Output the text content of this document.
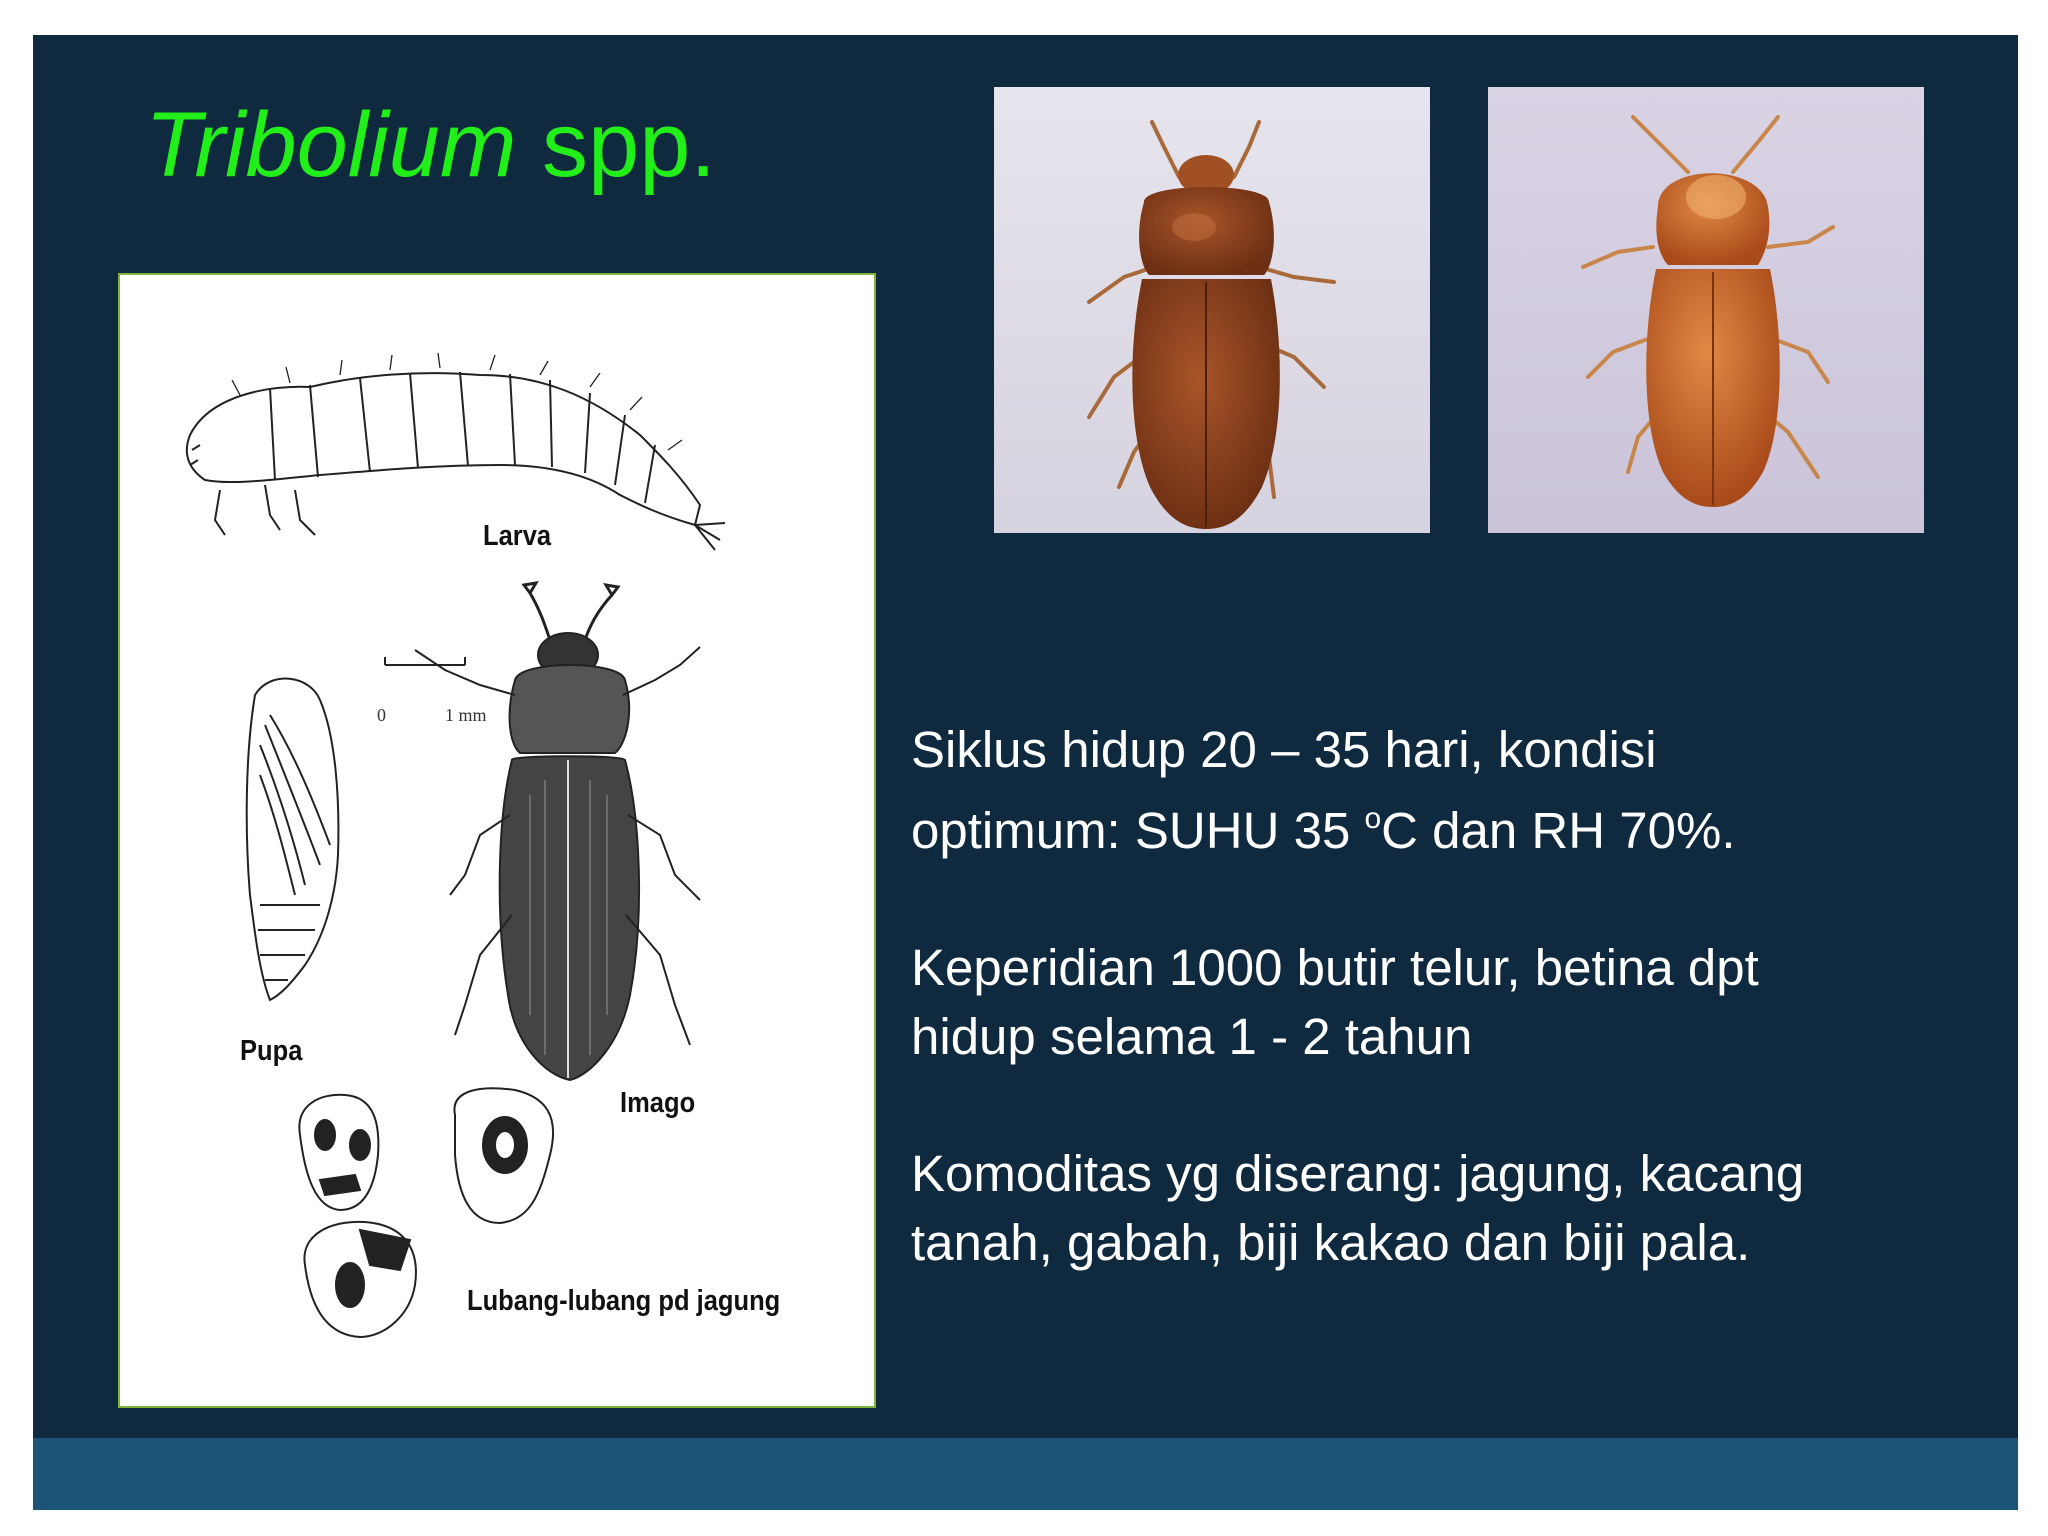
Tribolium spp.
Larva
0	1 mm
Pupa
Imago
Lubang-lubang pd jagung

Siklus hidup 20 – 35 hari, kondisi
optimum: SUHU 35 $^o$C dan RH 70%.

Keperidian 1000 butir telur, betina dpt
hidup selama 1 - 2 tahun

Komoditas yg diserang: jagung, kacang
tanah, gabah, biji kakao dan biji pala.
